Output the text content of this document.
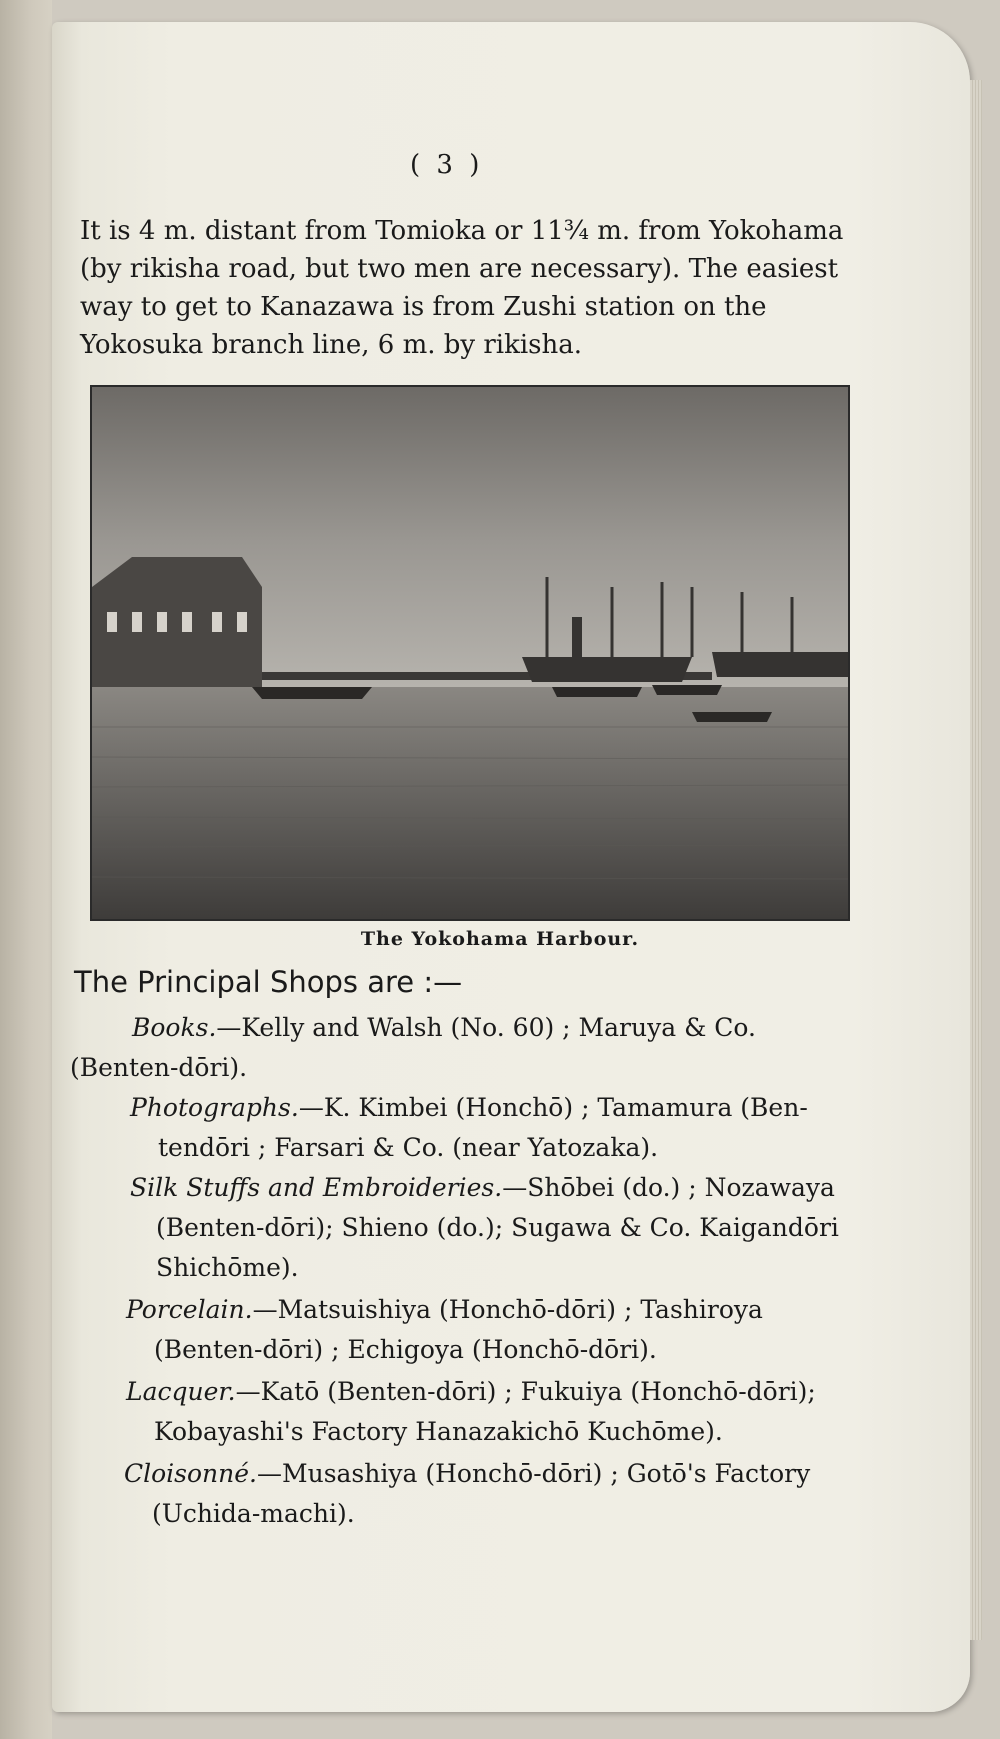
( 3 )
It is 4 m. distant from Tomioka or 11¾ m. from Yokohama
(by rikisha road, but two men are necessary). The easiest
way to get to Kanazawa is from Zushi station on the
Yokosuka branch line, 6 m. by rikisha.
The Yokohama Harbour.
The Principal Shops are :—
Books.—Kelly and Walsh (No. 60) ; Maruya & Co.
(Benten-dōri).
Photographs.—K. Kimbei (Honchō) ; Tamamura (Ben-
tendōri ; Farsari & Co. (near Yatozaka).
Silk Stuffs and Embroideries.—Shōbei (do.) ; Nozawaya
(Benten-dōri); Shieno (do.); Sugawa & Co. Kaigandōri
Shichōme).
Porcelain.—Matsuishiya (Honchō-dōri) ; Tashiroya
(Benten-dōri) ; Echigoya (Honchō-dōri).
Lacquer.—Katō (Benten-dōri) ; Fukuiya (Honchō-dōri);
Kobayashi's Factory Hanazakichō Kuchōme).
Cloisonné.—Musashiya (Honchō-dōri) ; Gotō's Factory
(Uchida-machi).
